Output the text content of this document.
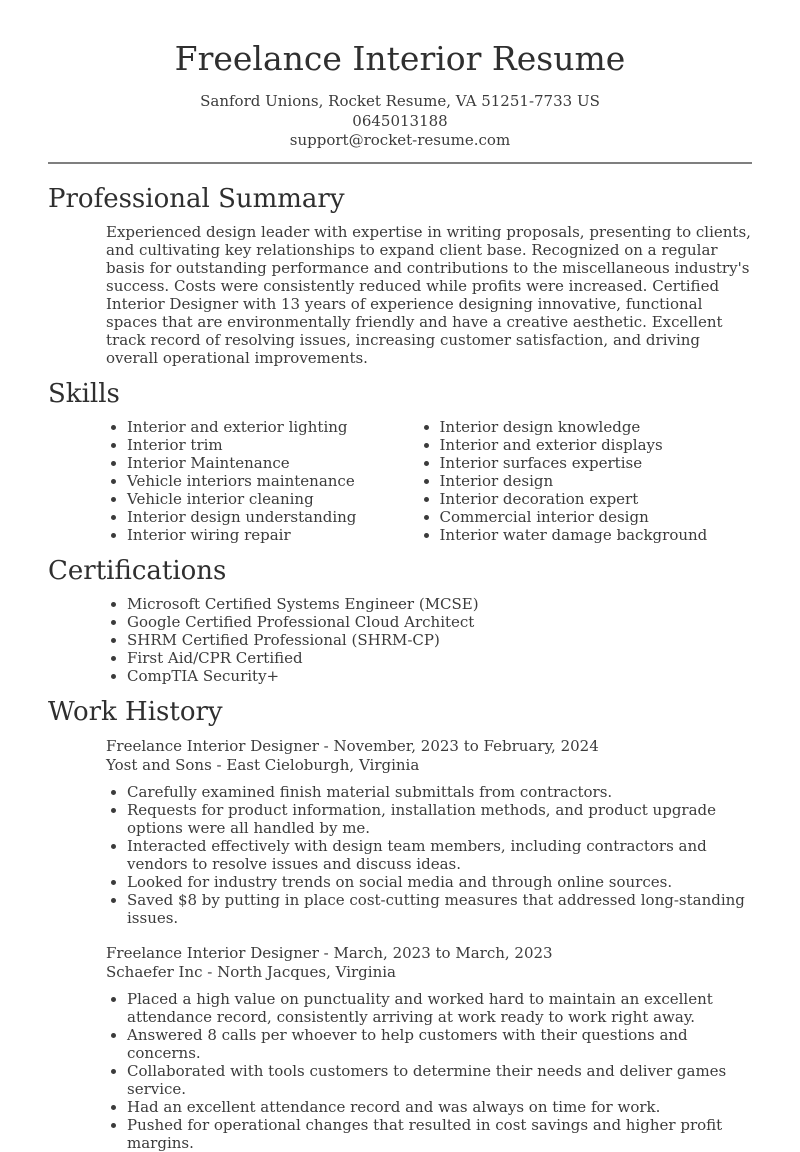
Freelance Interior Resume
Sanford Unions, Rocket Resume, VA 51251-7733 US
0645013188
support@rocket-resume.com
Professional Summary

Experienced design leader with expertise in writing proposals, presenting to clients, and cultivating key relationships to expand client base. Recognized on a regular basis for outstanding performance and contributions to the miscellaneous industry's success. Costs were consistently reduced while profits were increased. Certified Interior Designer with 13 years of experience designing innovative, functional spaces that are environmentally friendly and have a creative aesthetic. Excellent track record of resolving issues, increasing customer satisfaction, and driving overall operational improvements.

Skills
• Interior and exterior lighting
• Interior trim
• Interior Maintenance
• Vehicle interiors maintenance
• Vehicle interior cleaning
• Interior design understanding
• Interior wiring repair
• Interior design knowledge
• Interior and exterior displays
• Interior surfaces expertise
• Interior design
• Interior decoration expert
• Commercial interior design
• Interior water damage background
Certifications
• Microsoft Certified Systems Engineer (MCSE)
• Google Certified Professional Cloud Architect
• SHRM Certified Professional (SHRM-CP)
• First Aid/CPR Certified
• CompTIA Security+
Work History
Freelance Interior Designer - November, 2023 to February, 2024
Yost and Sons - East Cieloburgh, Virginia
• Carefully examined finish material submittals from contractors.
• Requests for product information, installation methods, and product upgrade options were all handled by me.
• Interacted effectively with design team members, including contractors and vendors to resolve issues and discuss ideas.
• Looked for industry trends on social media and through online sources.
• Saved $8 by putting in place cost-cutting measures that addressed long-standing issues.
Freelance Interior Designer - March, 2023 to March, 2023
Schaefer Inc - North Jacques, Virginia
• Placed a high value on punctuality and worked hard to maintain an excellent attendance record, consistently arriving at work ready to work right away.
• Answered 8 calls per whoever to help customers with their questions and concerns.
• Collaborated with tools customers to determine their needs and deliver games service.
• Had an excellent attendance record and was always on time for work.
• Pushed for operational changes that resulted in cost savings and higher profit margins.
